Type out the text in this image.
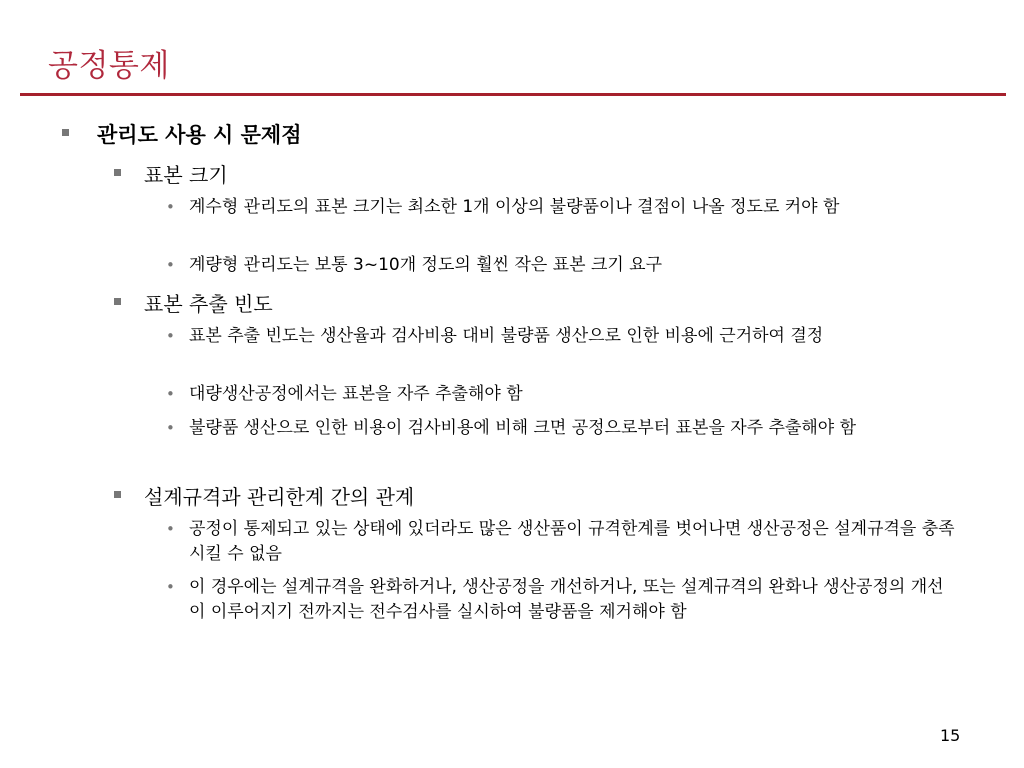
공정통제
관리도 사용 시 문제점
표본 크기
• 계수형 관리도의 표본 크기는 최소한 1개 이상의 불량품이나 결점이 나올 정도로 커야 함
• 계량형 관리도는 보통 3~10개 정도의 훨씬 작은 표본 크기 요구
표본 추출 빈도
• 표본 추출 빈도는 생산율과 검사비용 대비 불량품 생산으로 인한 비용에 근거하여 결정
• 대량생산공정에서는 표본을 자주 추출해야 함
• 불량품 생산으로 인한 비용이 검사비용에 비해 크면 공정으로부터 표본을 자주 추출해야 함
설계규격과 관리한계 간의 관계
• 공정이 통제되고 있는 상태에 있더라도 많은 생산품이 규격한계를 벗어나면 생산공정은 설계규격을 충족시킬 수 없음
• 이 경우에는 설계규격을 완화하거나, 생산공정을 개선하거나, 또는 설계규격의 완화나 생산공정의 개선이 이루어지기 전까지는 전수검사를 실시하여 불량품을 제거해야 함
15
